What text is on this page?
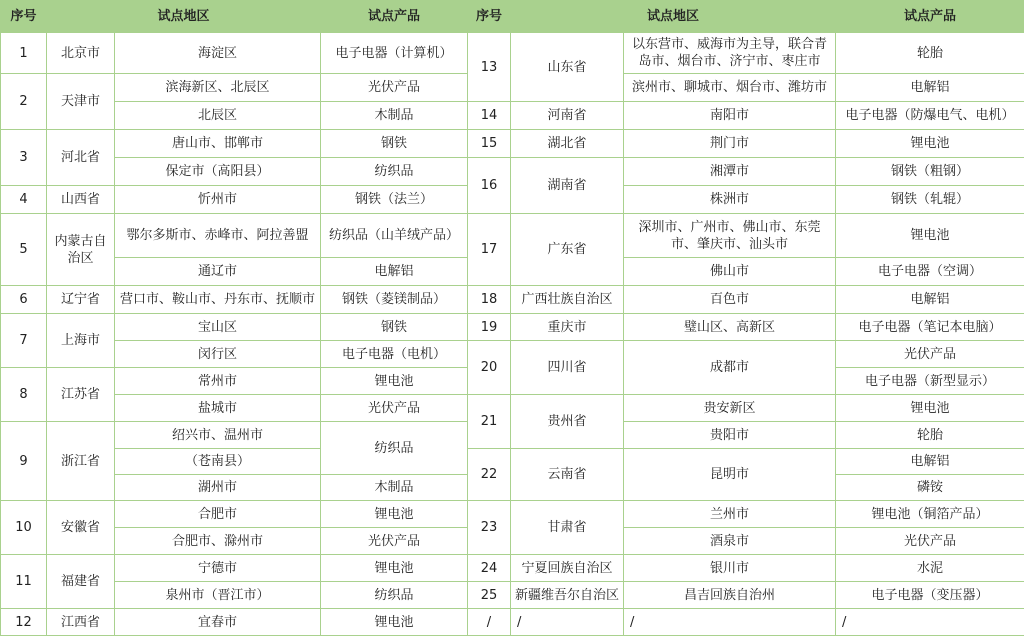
序号	试点地区		试点产品
1	北京市	海淀区	电子电器（计算机）
2	天津市	滨海新区、北辰区	光伏产品
		北辰区	木制品
3	河北省	唐山市、邯郸市	钢铁
		保定市（高阳县）	纺织品
4	山西省	忻州市	钢铁（法兰）
5	内蒙古自治区	鄂尔多斯市、赤峰市、阿拉善盟	纺织品（山羊绒产品）
		通辽市	电解铝
6	辽宁省	营口市、鞍山市、丹东市、抚顺市	钢铁（菱镁制品）
7	上海市	宝山区	钢铁
		闵行区	电子电器（电机）
8	江苏省	常州市	锂电池
		盐城市	光伏产品
9	浙江省	绍兴市、温州市	纺织品
		（苍南县）	
		湖州市	木制品
10	安徽省	合肥市	锂电池
		合肥市、滁州市	光伏产品
11	福建省	宁德市	锂电池
		泉州市（晋江市）	纺织品
12	江西省	宜春市	锂电池
序号	试点地区		试点产品
13	山东省	以东营市、威海市为主导，联合青岛市、烟台市、济宁市、枣庄市	轮胎
		滨州市、聊城市、烟台市、潍坊市	电解铝
14	河南省	南阳市	电子电器（防爆电气、电机）
15	湖北省	荆门市	锂电池
16	湖南省	湘潭市	钢铁（粗钢）
		株洲市	钢铁（轧辊）
17	广东省	深圳市、广州市、佛山市、东莞市、肇庆市、汕头市	锂电池
		佛山市	电子电器（空调）
18	广西壮族自治区	百色市	电解铝
19	重庆市	璧山区、高新区	电子电器（笔记本电脑）
20	四川省	成都市	光伏产品
			电子电器（新型显示）
21	贵州省	贵安新区	锂电池
		贵阳市	轮胎
22	云南省	昆明市	电解铝
			磷铵
23	甘肃省	兰州市	锂电池（铜箔产品）
		酒泉市	光伏产品
24	宁夏回族自治区	银川市	水泥
25	新疆维吾尔自治区	昌吉回族自治州	电子电器（变压器）
/	/	/	/
